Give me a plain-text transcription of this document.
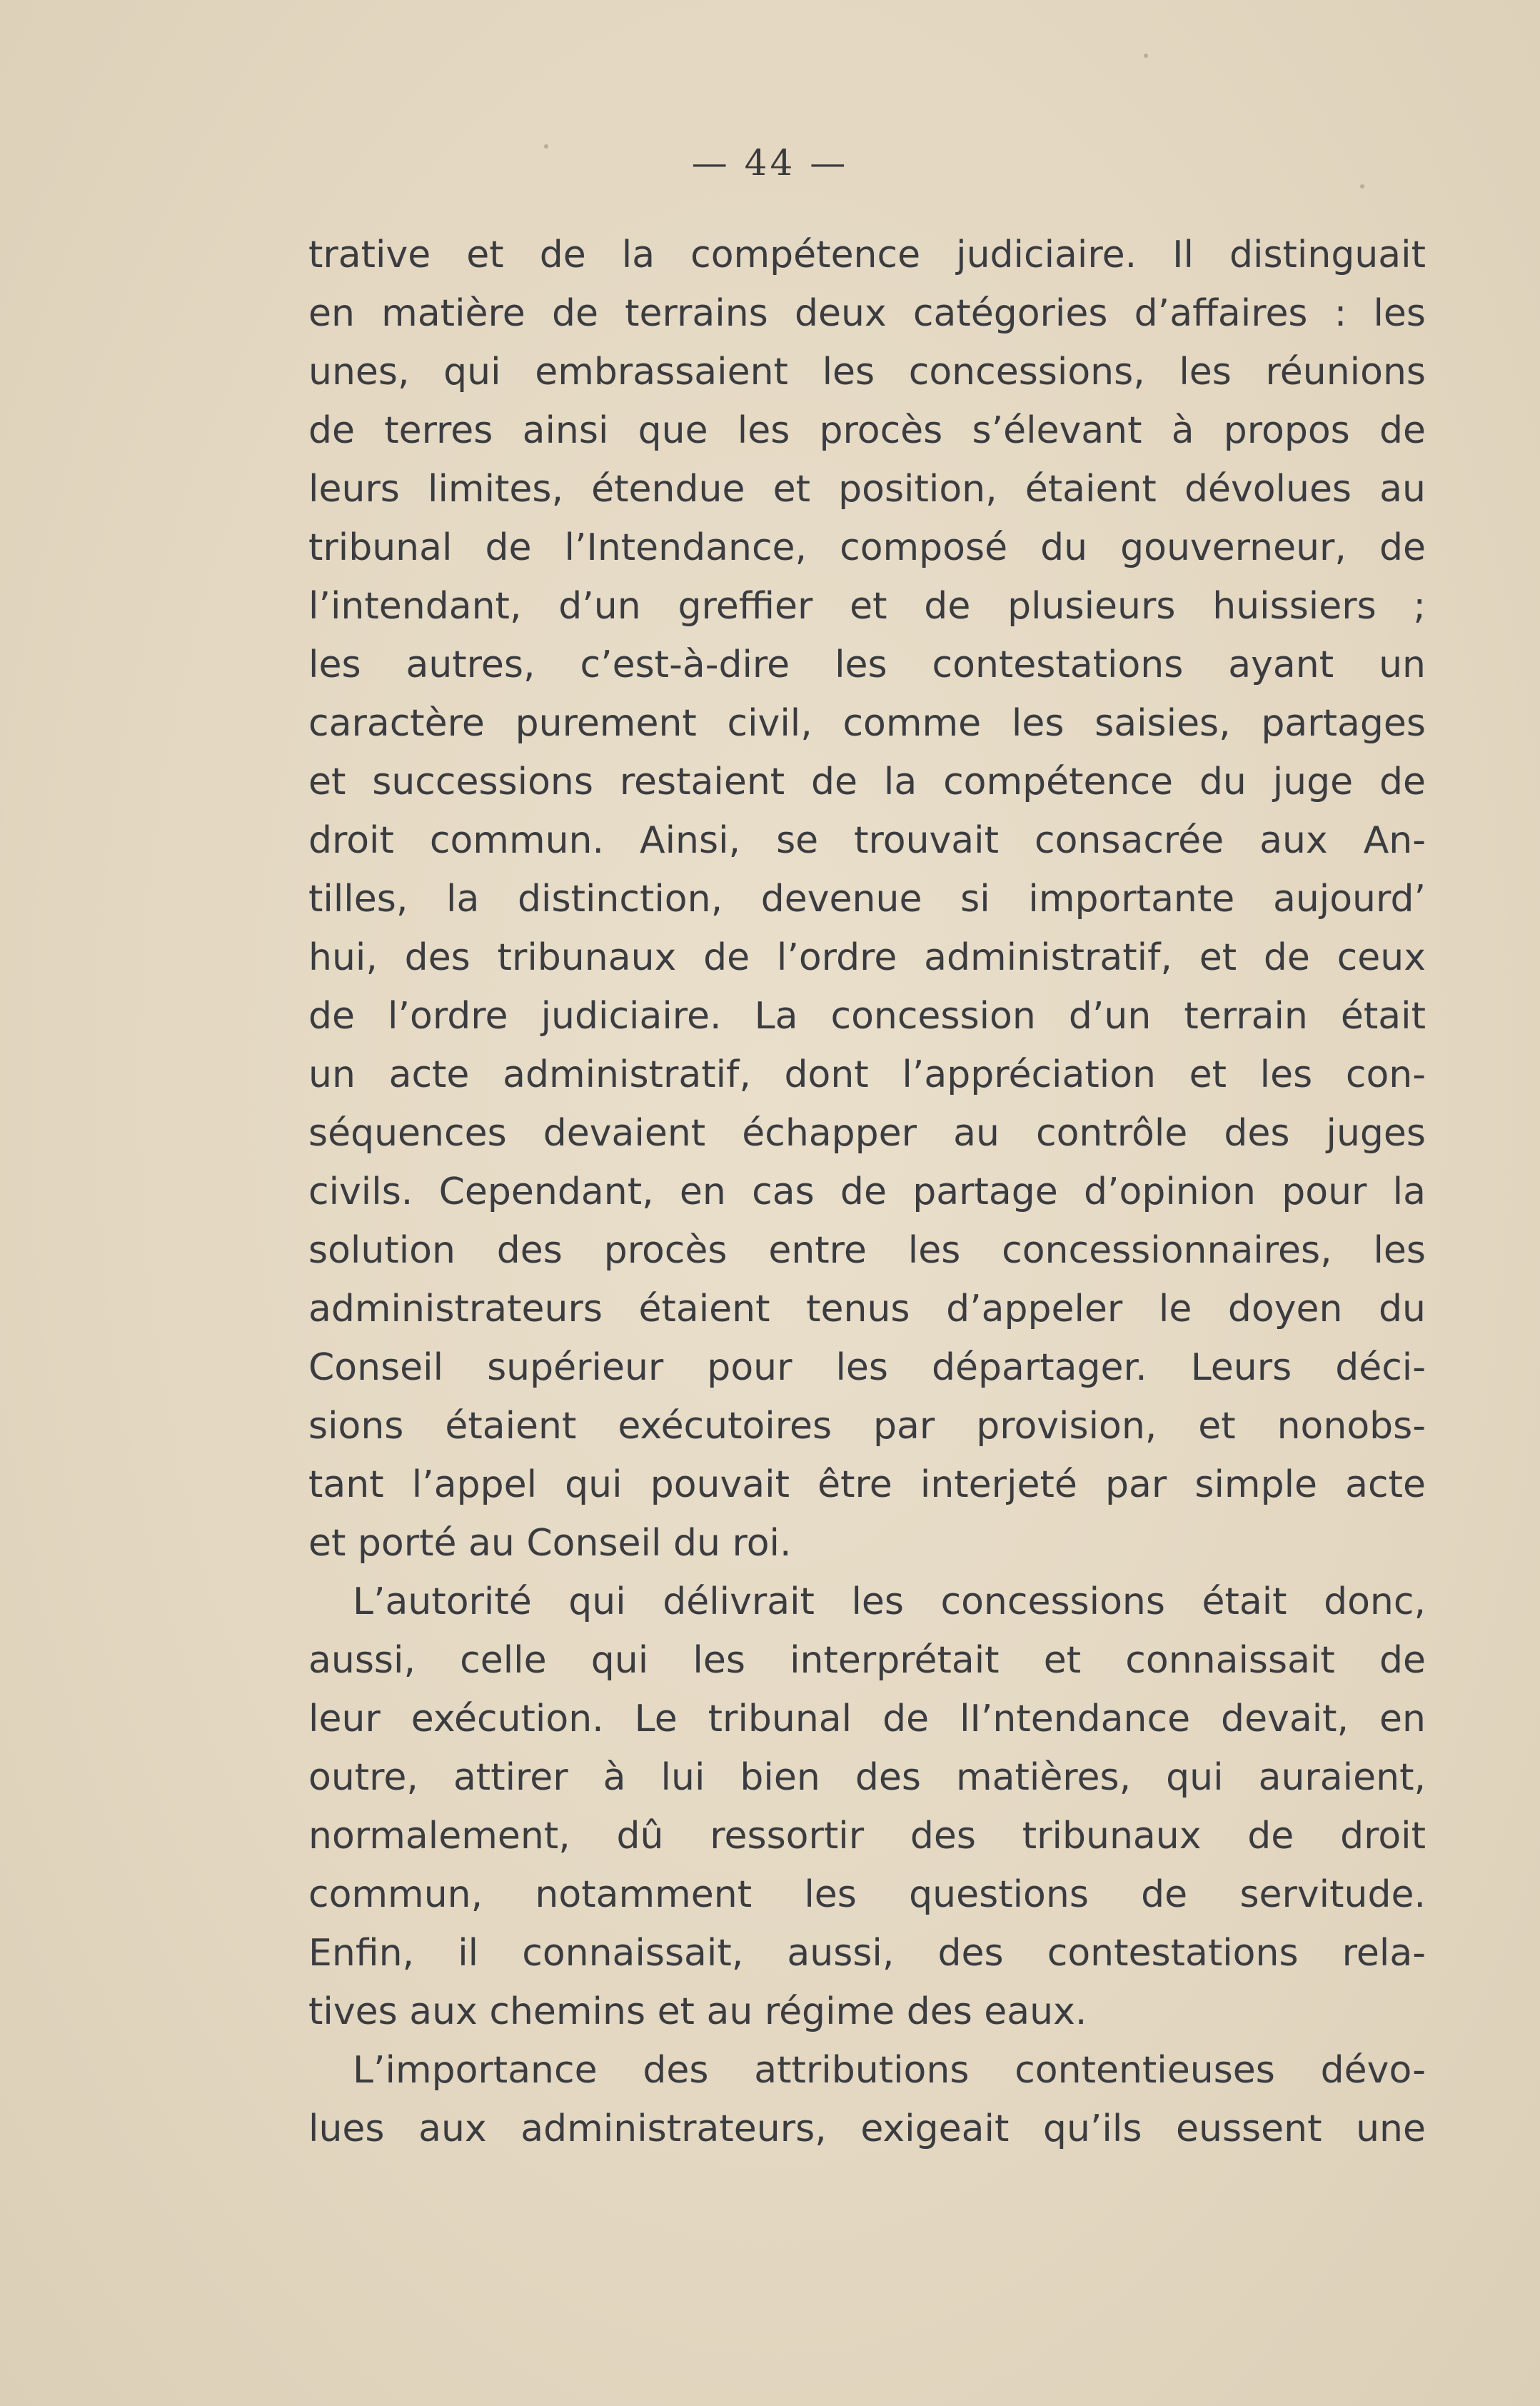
— 44 —
trative et de la compétence judiciaire. Il distinguait
en matière de terrains deux catégories d’affaires : les
unes, qui embrassaient les concessions, les réunions
de terres ainsi que les procès s’élevant à propos de
leurs limites, étendue et position, étaient dévolues au
tribunal de l’Intendance, composé du gouverneur, de
l’intendant, d’un greffier et de plusieurs huissiers ;
les autres, c’est-à-dire les contestations ayant un
caractère purement civil, comme les saisies, partages
et successions restaient de la compétence du juge de
droit commun. Ainsi, se trouvait consacrée aux An-
tilles, la distinction, devenue si importante aujourd’
hui, des tribunaux de l’ordre administratif, et de ceux
de l’ordre judiciaire. La concession d’un terrain était
un acte administratif, dont l’appréciation et les con-
séquences devaient échapper au contrôle des juges
civils. Cependant, en cas de partage d’opinion pour la
solution des procès entre les concessionnaires, les
administrateurs étaient tenus d’appeler le doyen du
Conseil supérieur pour les départager. Leurs déci-
sions étaient exécutoires par provision, et nonobs-
tant l’appel qui pouvait être interjeté par simple acte
et porté au Conseil du roi.
L’autorité qui délivrait les concessions était donc,
aussi, celle qui les interprétait et connaissait de
leur exécution. Le tribunal de lI’ntendance devait, en
outre, attirer à lui bien des matières, qui auraient,
normalement, dû ressortir des tribunaux de droit
commun, notamment les questions de servitude.
Enfin, il connaissait, aussi, des contestations rela-
tives aux chemins et au régime des eaux.
L’importance des attributions contentieuses dévo-
lues aux administrateurs, exigeait qu’ils eussent une
